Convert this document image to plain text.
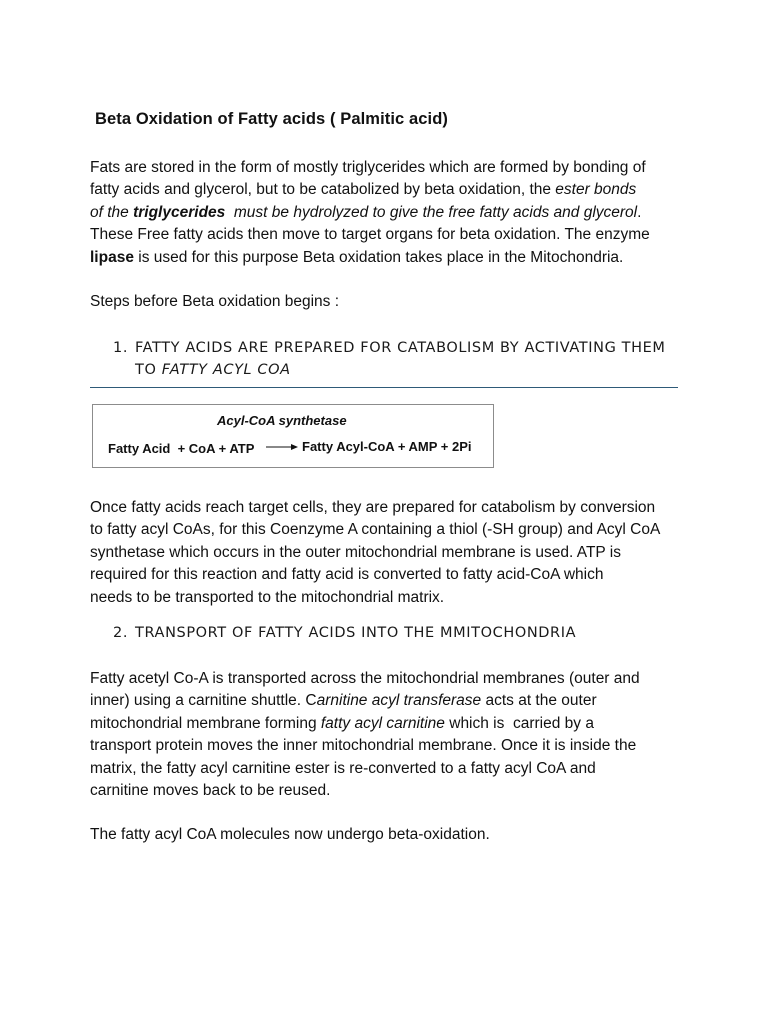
Beta Oxidation of Fatty acids ( Palmitic acid)
Fats are stored in the form of mostly triglycerides which are formed by bonding of
fatty acids and glycerol, but to be catabolized by beta oxidation, the ester bonds
of the triglycerides  must be hydrolyzed to give the free fatty acids and glycerol.
These Free fatty acids then move to target organs for beta oxidation. The enzyme
lipase is used for this purpose Beta oxidation takes place in the Mitochondria.
Steps before Beta oxidation begins :
1. FATTY ACIDS ARE PREPARED FOR CATABOLISM BY ACTIVATING THEM
TO FATTY ACYL COA
Acyl-CoA synthetase
Fatty Acid  + CoA + ATP → Fatty Acyl-CoA + AMP + 2Pi
Once fatty acids reach target cells, they are prepared for catabolism by conversion
to fatty acyl CoAs, for this Coenzyme A containing a thiol (-SH group) and Acyl CoA
synthetase which occurs in the outer mitochondrial membrane is used. ATP is
required for this reaction and fatty acid is converted to fatty acid-CoA which
needs to be transported to the mitochondrial matrix.
2. TRANSPORT OF FATTY ACIDS INTO THE MMITOCHONDRIA
Fatty acetyl Co-A is transported across the mitochondrial membranes (outer and
inner) using a carnitine shuttle. Carnitine acyl transferase acts at the outer
mitochondrial membrane forming fatty acyl carnitine which is  carried by a
transport protein moves the inner mitochondrial membrane. Once it is inside the
matrix, the fatty acyl carnitine ester is re-converted to a fatty acyl CoA and
carnitine moves back to be reused.
The fatty acyl CoA molecules now undergo beta-oxidation.
